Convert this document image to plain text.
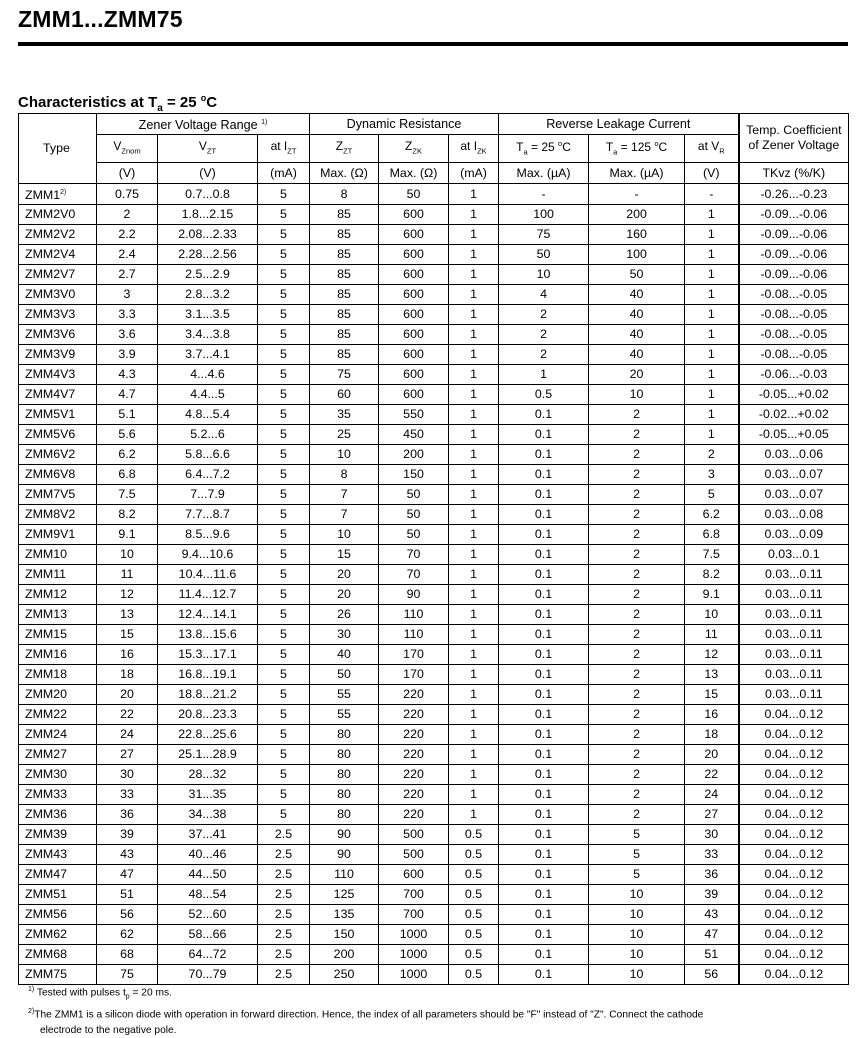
ZMM1...ZMM75
Characteristics at $T_a = 25$ $^o$C
Type	Zener Voltage Range $^{1)}$			Dynamic Resistance			Reverse Leakage Current			Temp. Coefficient
of Zener Voltage
	$V_{Znom}$	$V_{ZT}$	at $I_{ZT}$	$Z_{ZT}$	$Z_{ZK}$	at $I_{ZK}$	$T_a = 25$ $^o$C	$T_a = 125$ $^o$C	at $V_R$
	(V)	(V)	(mA)	Max. (Ω)	Max. (Ω)	(mA)	Max. (µA)	Max. (µA)	(V)	TKvz (%/K)
ZMM1$^{2)}$	0.75	0.7...0.8	5	8	50	1	-	-	-	-0.26...-0.23
ZMM2V0	2	1.8...2.15	5	85	600	1	100	200	1	-0.09...-0.06
ZMM2V2	2.2	2.08...2.33	5	85	600	1	75	160	1	-0.09...-0.06
ZMM2V4	2.4	2.28...2.56	5	85	600	1	50	100	1	-0.09...-0.06
ZMM2V7	2.7	2.5...2.9	5	85	600	1	10	50	1	-0.09...-0.06
ZMM3V0	3	2.8...3.2	5	85	600	1	4	40	1	-0.08...-0.05
ZMM3V3	3.3	3.1...3.5	5	85	600	1	2	40	1	-0.08...-0.05
ZMM3V6	3.6	3.4...3.8	5	85	600	1	2	40	1	-0.08...-0.05
ZMM3V9	3.9	3.7...4.1	5	85	600	1	2	40	1	-0.08...-0.05
ZMM4V3	4.3	4...4.6	5	75	600	1	1	20	1	-0.06...-0.03
ZMM4V7	4.7	4.4...5	5	60	600	1	0.5	10	1	-0.05...+0.02
ZMM5V1	5.1	4.8...5.4	5	35	550	1	0.1	2	1	-0.02...+0.02
ZMM5V6	5.6	5.2...6	5	25	450	1	0.1	2	1	-0.05...+0.05
ZMM6V2	6.2	5.8...6.6	5	10	200	1	0.1	2	2	0.03...0.06
ZMM6V8	6.8	6.4...7.2	5	8	150	1	0.1	2	3	0.03...0.07
ZMM7V5	7.5	7...7.9	5	7	50	1	0.1	2	5	0.03...0.07
ZMM8V2	8.2	7.7...8.7	5	7	50	1	0.1	2	6.2	0.03...0.08
ZMM9V1	9.1	8.5...9.6	5	10	50	1	0.1	2	6.8	0.03...0.09
ZMM10	10	9.4...10.6	5	15	70	1	0.1	2	7.5	0.03...0.1
ZMM11	11	10.4...11.6	5	20	70	1	0.1	2	8.2	0.03...0.11
ZMM12	12	11.4...12.7	5	20	90	1	0.1	2	9.1	0.03...0.11
ZMM13	13	12.4...14.1	5	26	110	1	0.1	2	10	0.03...0.11
ZMM15	15	13.8...15.6	5	30	110	1	0.1	2	11	0.03...0.11
ZMM16	16	15.3...17.1	5	40	170	1	0.1	2	12	0.03...0.11
ZMM18	18	16.8...19.1	5	50	170	1	0.1	2	13	0.03...0.11
ZMM20	20	18.8...21.2	5	55	220	1	0.1	2	15	0.03...0.11
ZMM22	22	20.8...23.3	5	55	220	1	0.1	2	16	0.04...0.12
ZMM24	24	22.8...25.6	5	80	220	1	0.1	2	18	0.04...0.12
ZMM27	27	25.1...28.9	5	80	220	1	0.1	2	20	0.04...0.12
ZMM30	30	28...32	5	80	220	1	0.1	2	22	0.04...0.12
ZMM33	33	31...35	5	80	220	1	0.1	2	24	0.04...0.12
ZMM36	36	34...38	5	80	220	1	0.1	2	27	0.04...0.12
ZMM39	39	37...41	2.5	90	500	0.5	0.1	5	30	0.04...0.12
ZMM43	43	40...46	2.5	90	500	0.5	0.1	5	33	0.04...0.12
ZMM47	47	44...50	2.5	110	600	0.5	0.1	5	36	0.04...0.12
ZMM51	51	48...54	2.5	125	700	0.5	0.1	10	39	0.04...0.12
ZMM56	56	52...60	2.5	135	700	0.5	0.1	10	43	0.04...0.12
ZMM62	62	58...66	2.5	150	1000	0.5	0.1	10	47	0.04...0.12
ZMM68	68	64...72	2.5	200	1000	0.5	0.1	10	51	0.04...0.12
ZMM75	75	70...79	2.5	250	1000	0.5	0.1	10	56	0.04...0.12
$^{1)}$ Tested with pulses $t_p = 20$ ms.
$^{2)}$The ZMM1 is a silicon diode with operation in forward direction. Hence, the index of all parameters should be "F" instead of "Z". Connect the cathode
electrode to the negative pole.
